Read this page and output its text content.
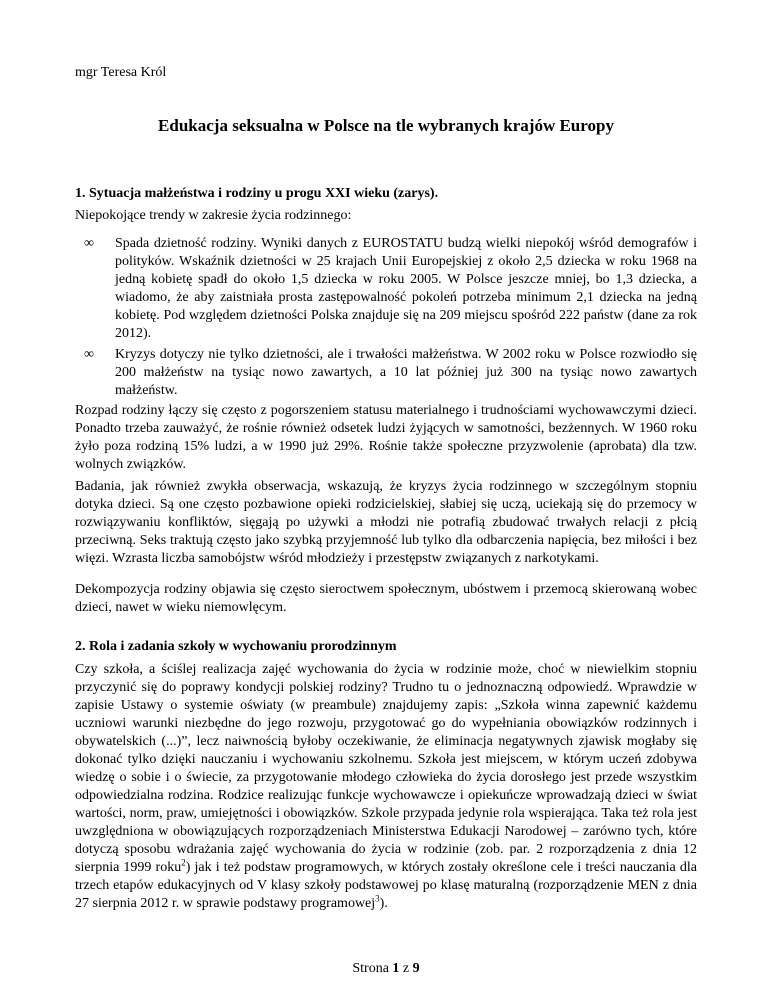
mgr Teresa Król
Edukacja seksualna w Polsce na tle wybranych krajów Europy
1. Sytuacja małżeństwa i rodziny u progu XXI wieku (zarys).
Niepokojące trendy w zakresie życia rodzinnego:
∞ Spada dzietność rodziny. Wyniki danych z EUROSTATU budzą wielki niepokój wśród demografów i polityków. Wskaźnik dzietności w 25 krajach Unii Europejskiej z około 2,5 dziecka w roku 1968 na jedną kobietę spadł do około 1,5 dziecka w roku 2005. W Polsce jeszcze mniej, bo 1,3 dziecka, a wiadomo, że aby zaistniała prosta zastępowalność pokoleń potrzeba minimum 2,1 dziecka na jedną kobietę. Pod względem dzietności Polska znajduje się na 209 miejscu spośród 222 państw (dane za rok 2012).
∞ Kryzys dotyczy nie tylko dzietności, ale i trwałości małżeństwa. W 2002 roku w Polsce rozwiodło się 200 małżeństw na tysiąc nowo zawartych, a 10 lat później już 300 na tysiąc nowo zawartych małżeństw.
Rozpad rodziny łączy się często z pogorszeniem statusu materialnego i trudnościami wychowawczymi dzieci. Ponadto trzeba zauważyć, że rośnie również odsetek ludzi żyjących w samotności, bezżennych. W 1960 roku żyło poza rodziną 15% ludzi, a w 1990 już 29%. Rośnie także społeczne przyzwolenie (aprobata) dla tzw. wolnych związków.
Badania, jak również zwykła obserwacja, wskazują, że kryzys życia rodzinnego w szczególnym stopniu dotyka dzieci. Są one często pozbawione opieki rodzicielskiej, słabiej się uczą, uciekają się do przemocy w rozwiązywaniu konfliktów, sięgają po używki a młodzi nie potrafią zbudować trwałych relacji z płcią przeciwną. Seks traktują często jako szybką przyjemność lub tylko dla odbarczenia napięcia, bez miłości i bez więzi. Wzrasta liczba samobójstw wśród młodzieży i przestępstw związanych z narkotykami.
Dekompozycja rodziny objawia się często sieroctwem społecznym, ubóstwem i przemocą skierowaną wobec dzieci, nawet w wieku niemowlęcym.
2. Rola i zadania szkoły w wychowaniu prorodzinnym
Czy szkoła, a ściślej realizacja zajęć wychowania do życia w rodzinie może, choć w niewielkim stopniu przyczynić się do poprawy kondycji polskiej rodziny? Trudno tu o jednoznaczną odpowiedź. Wprawdzie w zapisie Ustawy o systemie oświaty (w preambule) znajdujemy zapis: „Szkoła winna zapewnić każdemu uczniowi warunki niezbędne do jego rozwoju, przygotować go do wypełniania obowiązków rodzinnych i obywatelskich (...)”, lecz naiwnością byłoby oczekiwanie, że eliminacja negatywnych zjawisk mogłaby się dokonać tylko dzięki nauczaniu i wychowaniu szkolnemu. Szkoła jest miejscem, w którym uczeń zdobywa wiedzę o sobie i o świecie, za przygotowanie młodego człowieka do życia dorosłego jest przede wszystkim odpowiedzialna rodzina. Rodzice realizując funkcje wychowawcze i opiekuńcze wprowadzają dzieci w świat wartości, norm, praw, umiejętności i obowiązków. Szkole przypada jedynie rola wspierająca. Taka też rola jest uwzględniona w obowiązujących rozporządzeniach Ministerstwa Edukacji Narodowej – zarówno tych, które dotyczą sposobu wdrażania zajęć wychowania do życia w rodzinie (zob. par. 2 rozporządzenia z dnia 12 sierpnia 1999 roku$^2$) jak i też podstaw programowych, w których zostały określone cele i treści nauczania dla trzech etapów edukacyjnych od V klasy szkoły podstawowej po klasę maturalną (rozporządzenie MEN z dnia 27 sierpnia 2012 r. w sprawie podstawy programowej$^3$).
Strona 1 z 9
